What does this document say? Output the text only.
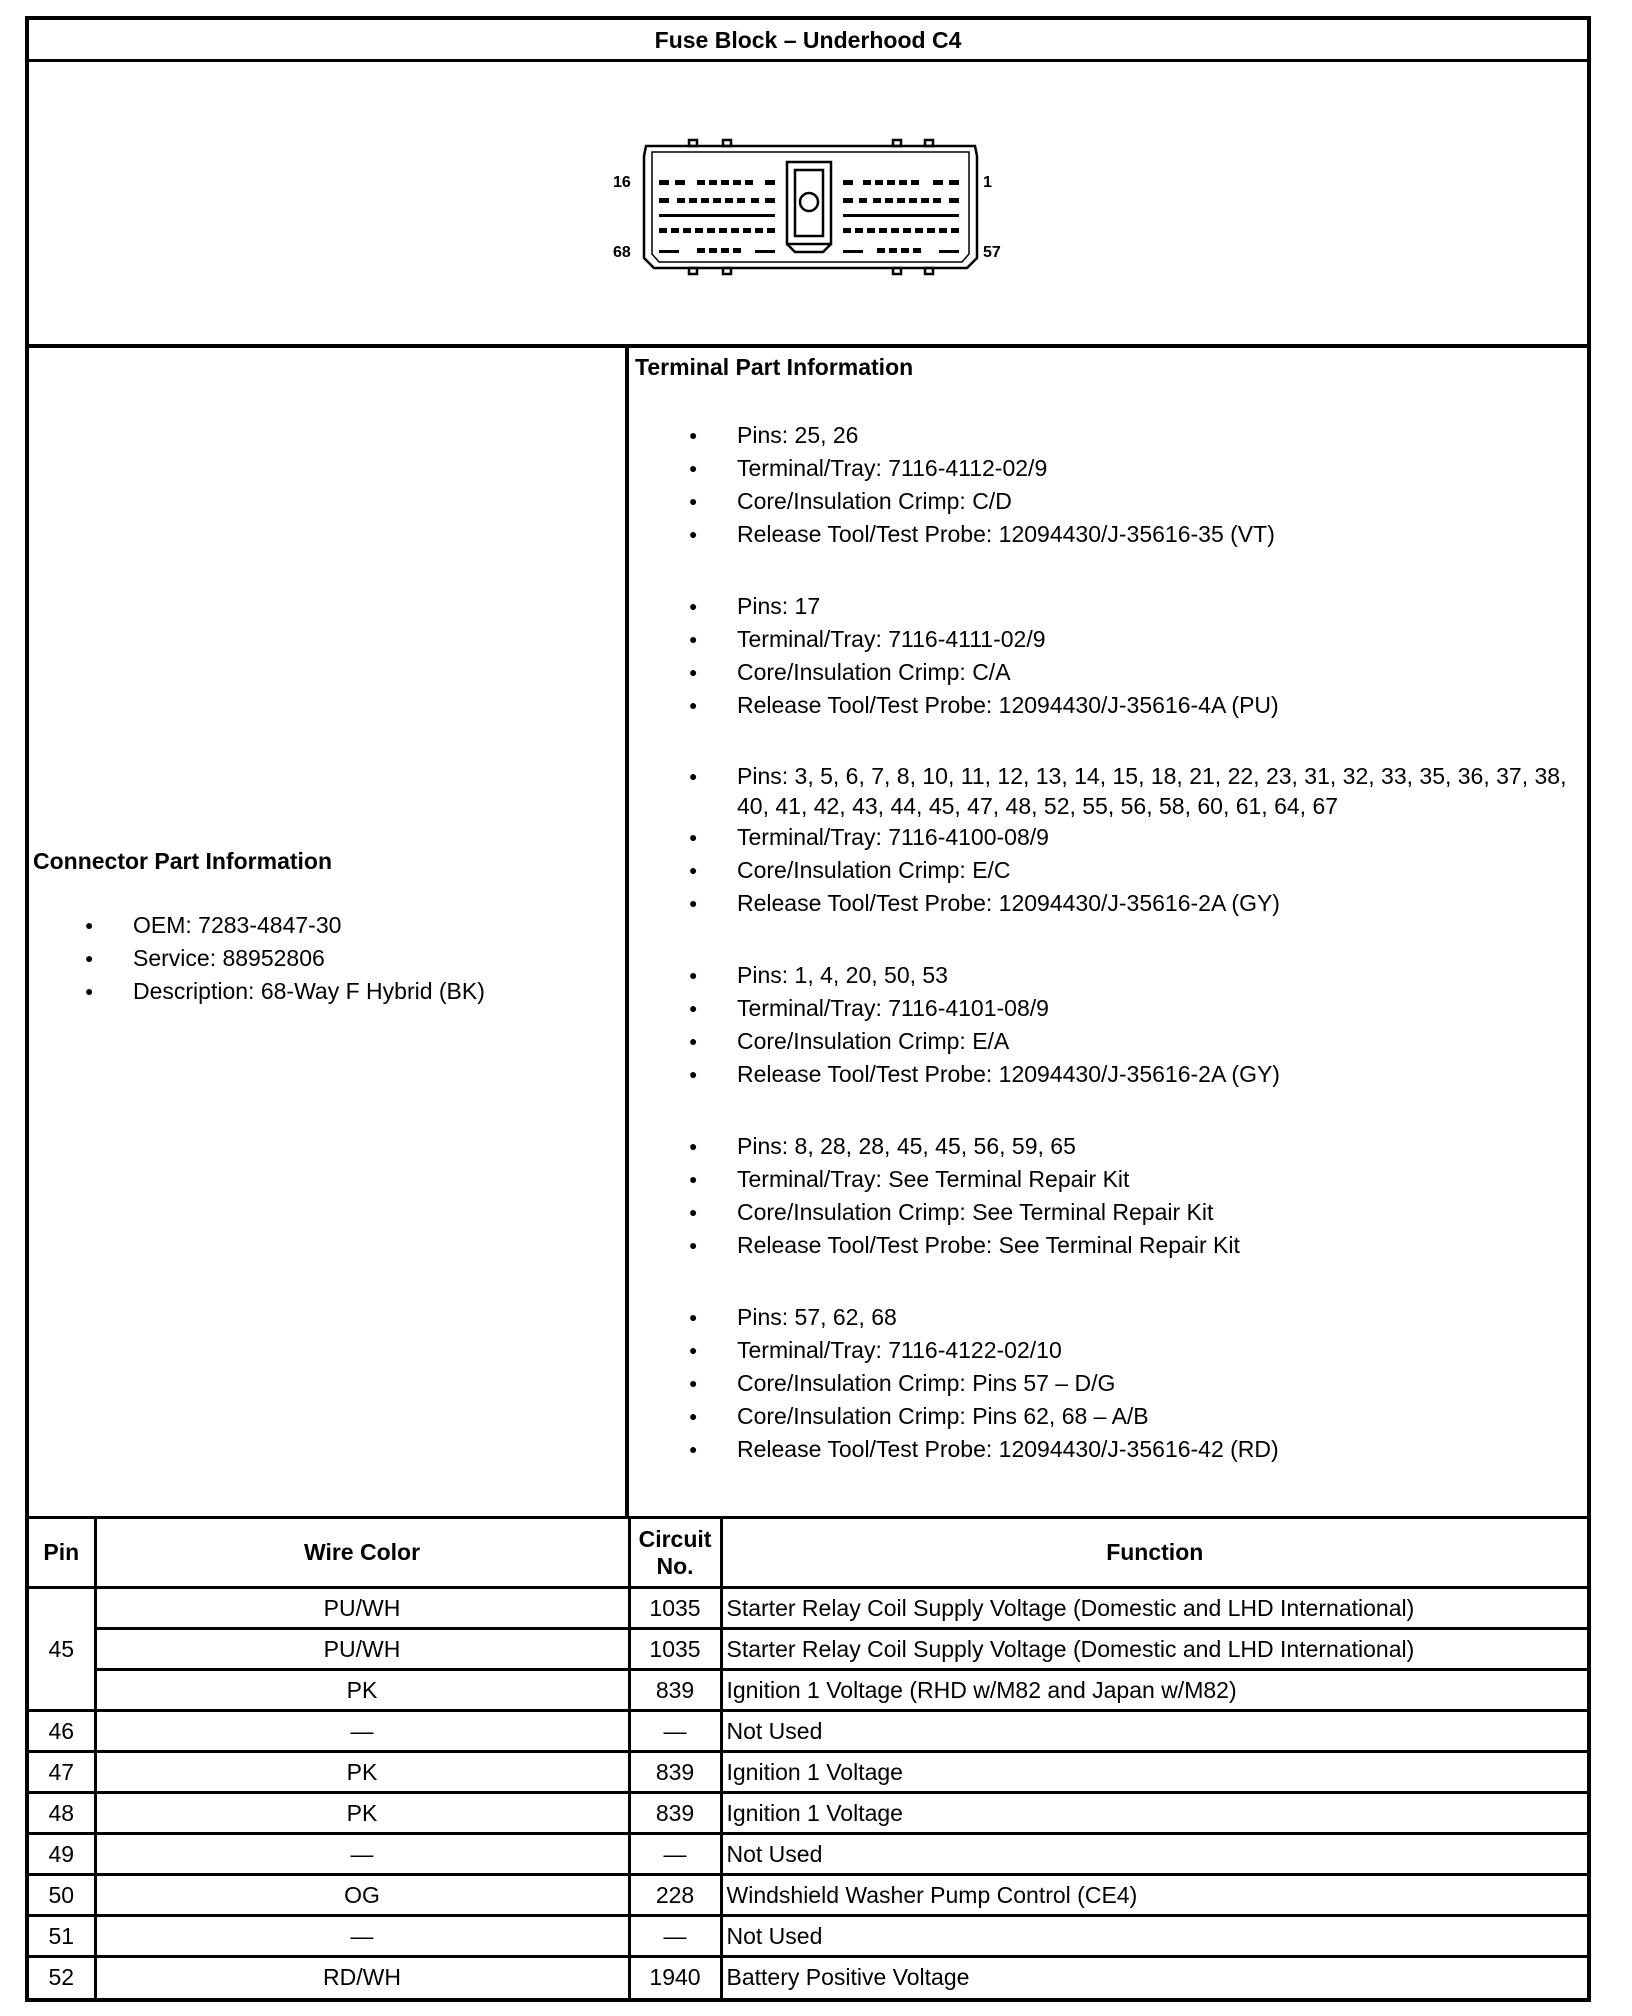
Fuse Block – Underhood C4
16	1
68	57

Connector Part Information

● OEM: 7283-4847-30
● Service: 88952806
● Description: 68-Way F Hybrid (BK)

Terminal Part Information

● Pins: 25, 26
● Terminal/Tray: 7116-4112-02/9
● Core/Insulation Crimp: C/D
● Release Tool/Test Probe: 12094430/J-35616-35 (VT)
● Pins: 17
● Terminal/Tray: 7116-4111-02/9
● Core/Insulation Crimp: C/A
● Release Tool/Test Probe: 12094430/J-35616-4A (PU)
● Pins: 3, 5, 6, 7, 8, 10, 11, 12, 13, 14, 15, 18, 21, 22, 23, 31, 32, 33, 35, 36, 37, 38, 40, 41, 42, 43, 44, 45, 47, 48, 52, 55, 56, 58, 60, 61, 64, 67
● Terminal/Tray: 7116-4100-08/9
● Core/Insulation Crimp: E/C
● Release Tool/Test Probe: 12094430/J-35616-2A (GY)
● Pins: 1, 4, 20, 50, 53
● Terminal/Tray: 7116-4101-08/9
● Core/Insulation Crimp: E/A
● Release Tool/Test Probe: 12094430/J-35616-2A (GY)
● Pins: 8, 28, 28, 45, 45, 56, 59, 65
● Terminal/Tray: See Terminal Repair Kit
● Core/Insulation Crimp: See Terminal Repair Kit
● Release Tool/Test Probe: See Terminal Repair Kit
● Pins: 57, 62, 68
● Terminal/Tray: 7116-4122-02/10
● Core/Insulation Crimp: Pins 57 – D/G
● Core/Insulation Crimp: Pins 62, 68 – A/B
● Release Tool/Test Probe: 12094430/J-35616-42 (RD)
Pin	Wire Color	Circuit No.	Function
45	PU/WH	1035	Starter Relay Coil Supply Voltage (Domestic and LHD International)
	PU/WH	1035	Starter Relay Coil Supply Voltage (Domestic and LHD International)
	PK	839	Ignition 1 Voltage (RHD w/M82 and Japan w/M82)
46	—	—	Not Used
47	PK	839	Ignition 1 Voltage
48	PK	839	Ignition 1 Voltage
49	—	—	Not Used
50	OG	228	Windshield Washer Pump Control (CE4)
51	—	—	Not Used
52	RD/WH	1940	Battery Positive Voltage
